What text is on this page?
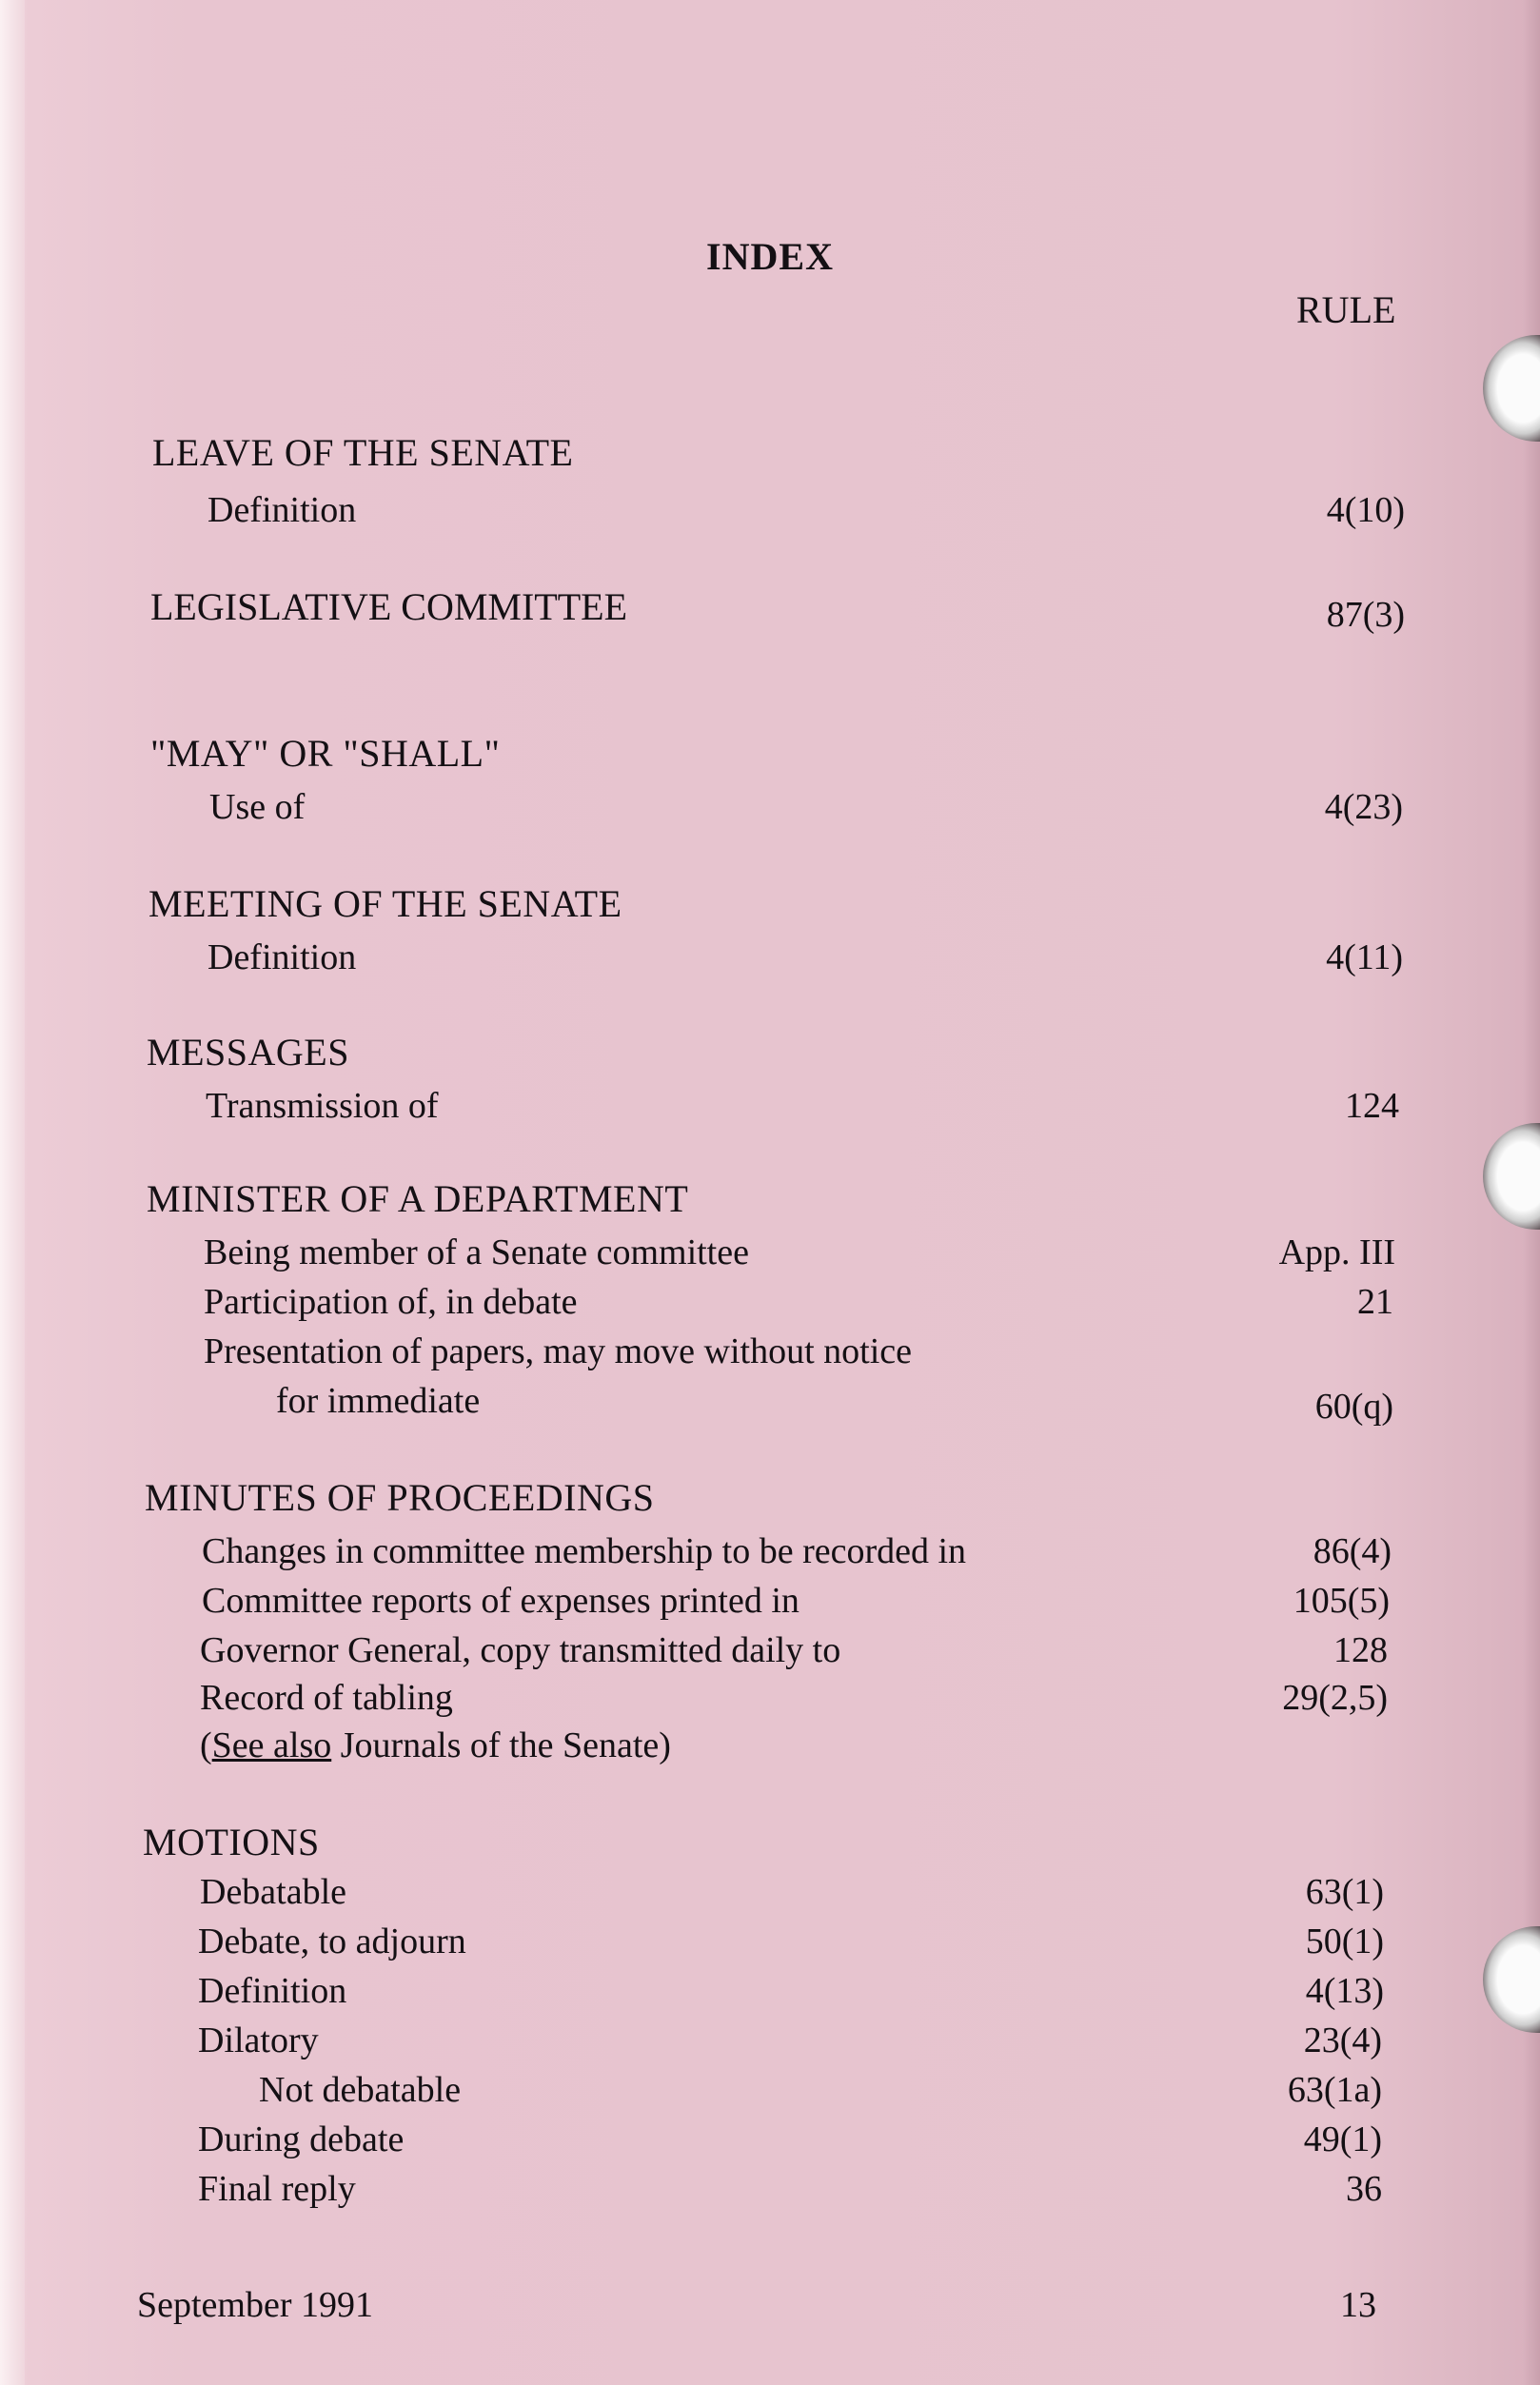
INDEX
RULE
LEAVE OF THE SENATE
Definition	4(10)
LEGISLATIVE COMMITTEE	87(3)
"MAY" OR "SHALL"
Use of	4(23)
MEETING OF THE SENATE
Definition	4(11)
MESSAGES
Transmission of	124
MINISTER OF A DEPARTMENT
Being member of a Senate committee	App. III
Participation of, in debate	21
Presentation of papers, may move without notice
for immediate	60(q)
MINUTES OF PROCEEDINGS
Changes in committee membership to be recorded in	86(4)
Committee reports of expenses printed in	105(5)
Governor General, copy transmitted daily to	128
Record of tabling	29(2,5)
(See also Journals of the Senate)
MOTIONS
Debatable	63(1)
Debate, to adjourn	50(1)
Definition	4(13)
Dilatory	23(4)
Not debatable	63(1a)
During debate	49(1)
Final reply	36
September 1991	13
